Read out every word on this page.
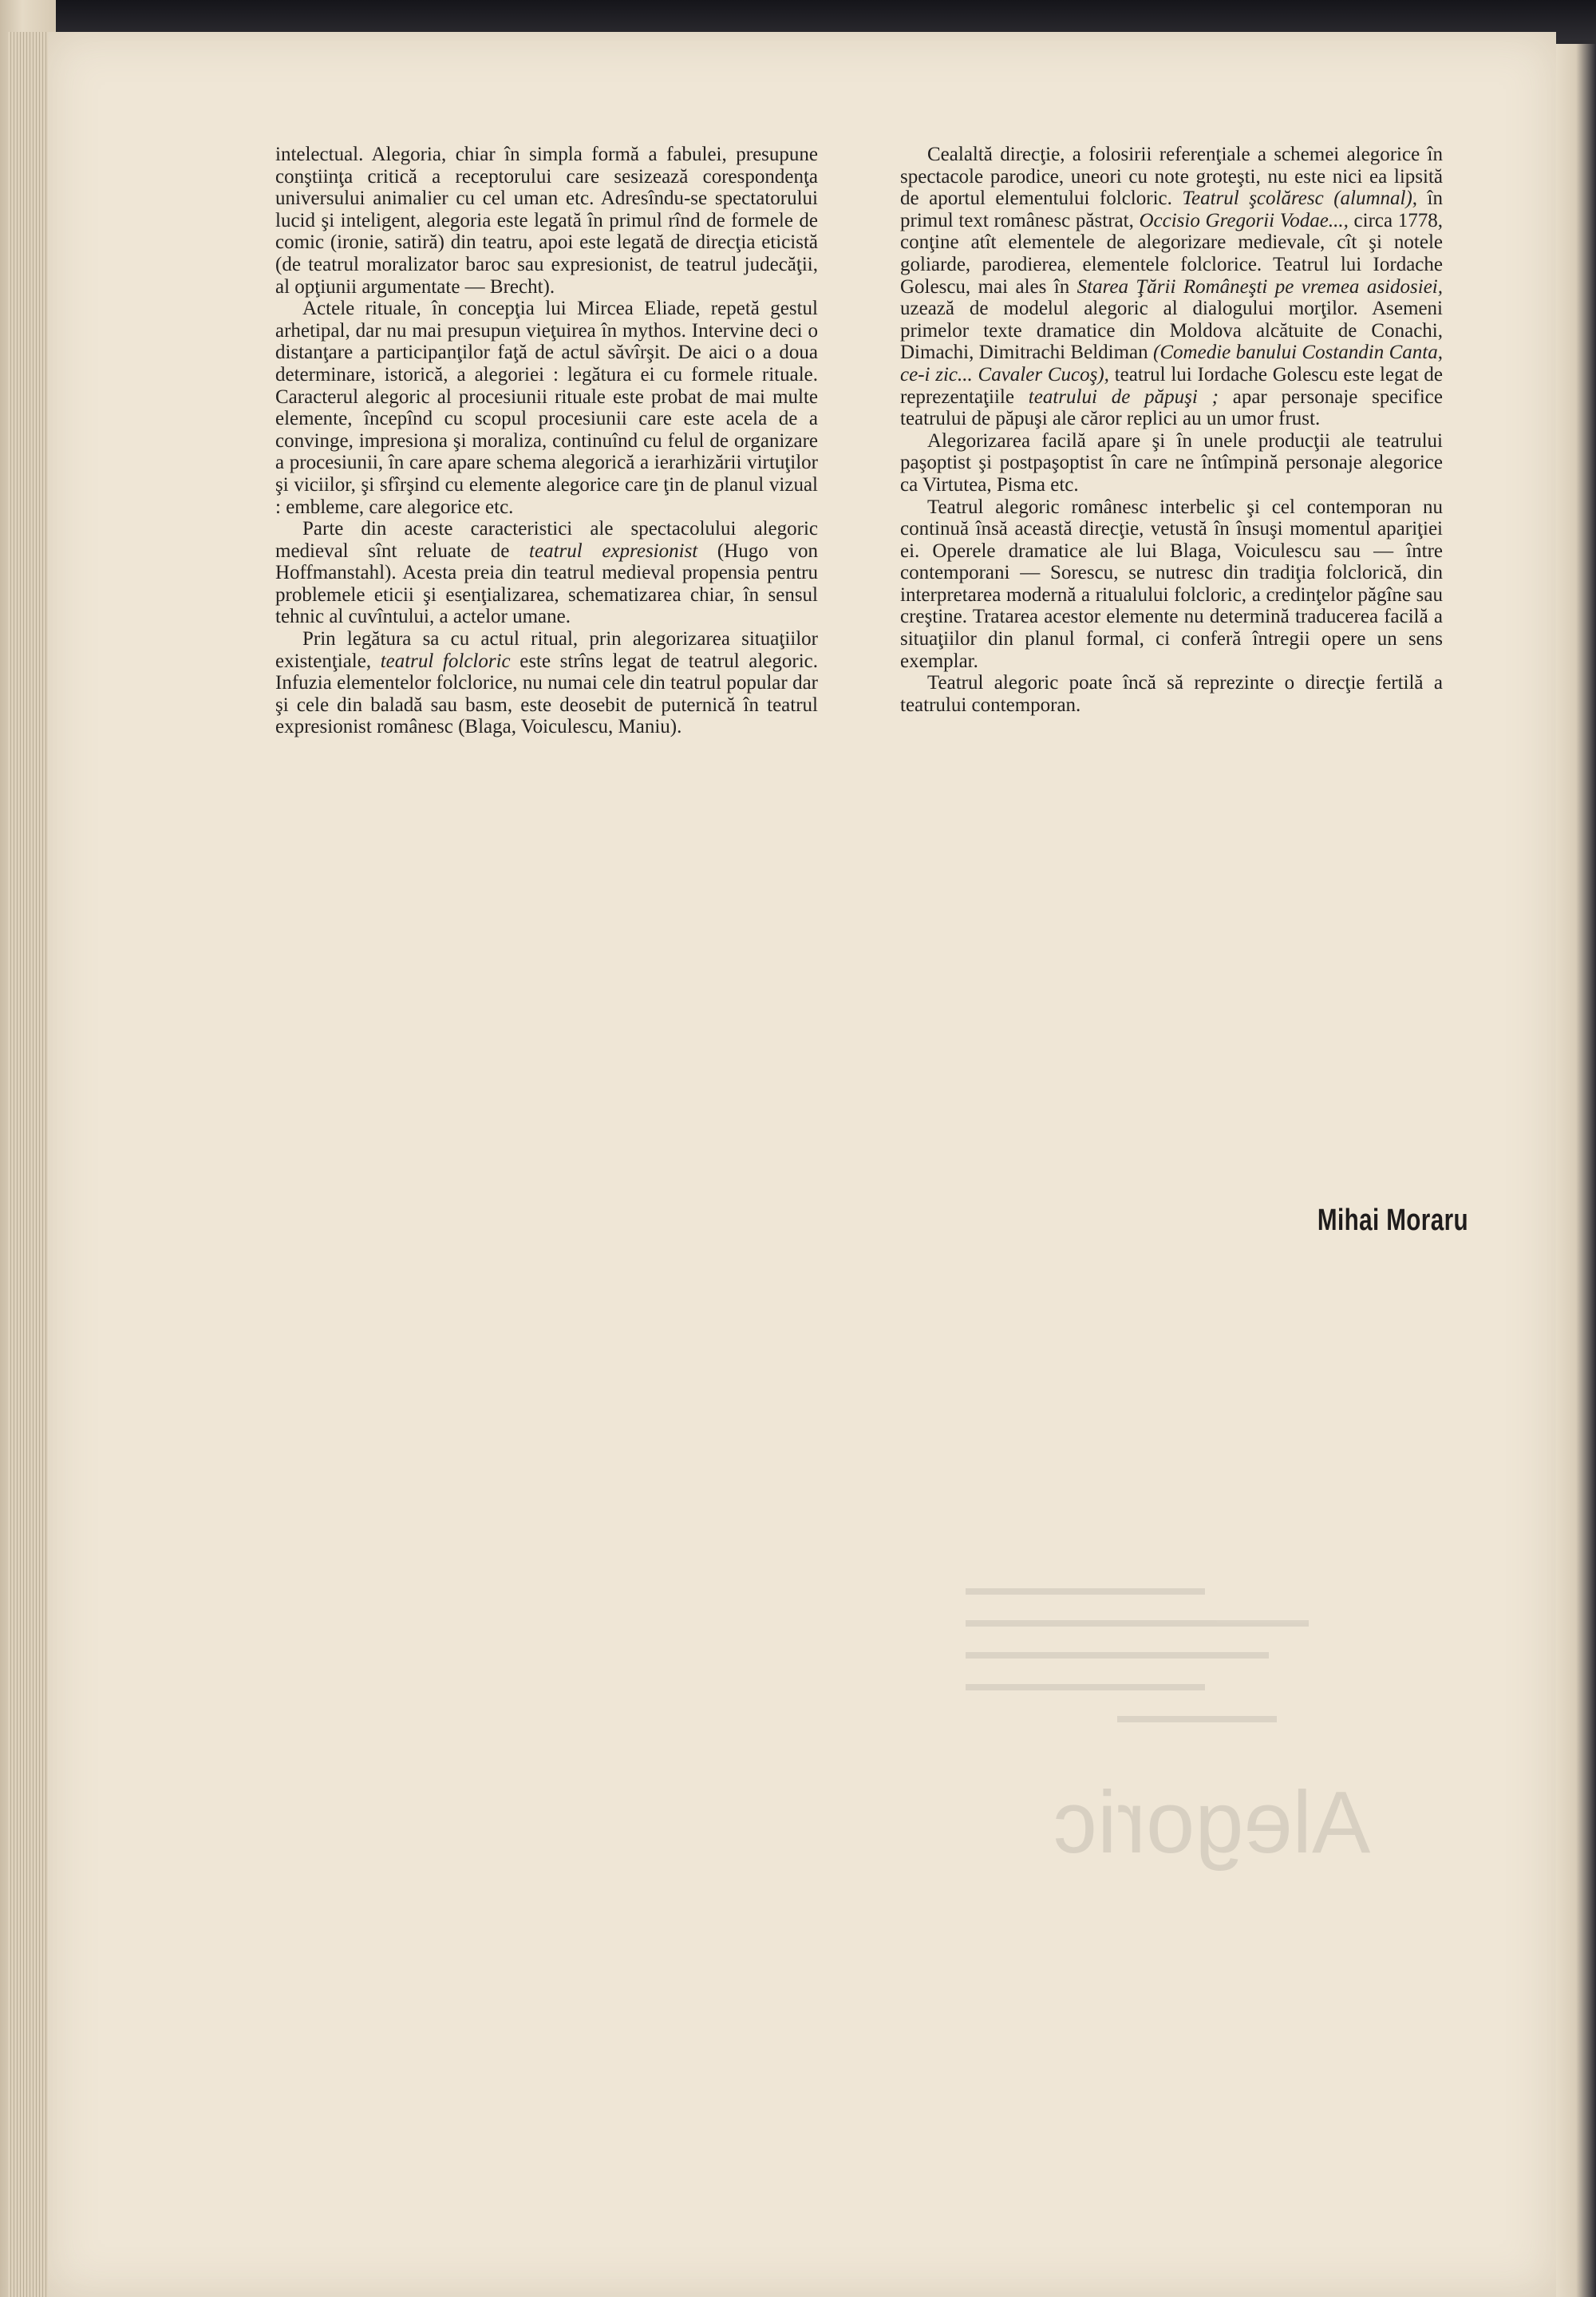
intelectual. Alegoria, chiar în simpla formă a fabulei, presupune conştiinţa critică a receptorului care sesizează corespondenţa universului animalier cu cel uman etc. Adresîndu-se spectatorului lucid şi inteligent, alegoria este legată în primul rînd de formele de comic (ironie, satiră) din teatru, apoi este legată de direcţia eticistă (de teatrul moralizator baroc sau expresionist, de teatrul judecăţii, al opţiunii argumentate — Brecht).

Actele rituale, în concepţia lui Mircea Eliade, repetă gestul arhetipal, dar nu mai presupun vieţuirea în mythos. Intervine deci o distanţare a participanţilor faţă de actul săvîrşit. De aici o a doua determinare, istorică, a alegoriei : legătura ei cu formele rituale. Caracterul alegoric al procesiunii rituale este probat de mai multe elemente, începînd cu scopul procesiunii care este acela de a convinge, impresiona şi moraliza, continuînd cu felul de organizare a procesiunii, în care apare schema alegorică a ierarhizării virtuţilor şi viciilor, şi sfîrşind cu elemente alegorice care ţin de planul vizual : embleme, care alegorice etc.

Parte din aceste caracteristici ale spectacolului alegoric medieval sînt reluate de teatrul expresionist (Hugo von Hoffmanstahl). Acesta preia din teatrul medieval propensia pentru problemele eticii şi esenţializarea, schematizarea chiar, în sensul tehnic al cuvîntului, a actelor umane.

Prin legătura sa cu actul ritual, prin alegorizarea situaţiilor existenţiale, teatrul folcloric este strîns legat de teatrul alegoric. Infuzia elementelor folclorice, nu numai cele din teatrul popular dar şi cele din baladă sau basm, este deosebit de puternică în teatrul expresionist românesc (Blaga, Voiculescu, Maniu).

Cealaltă direcţie, a folosirii referenţiale a schemei alegorice în spectacole parodice, uneori cu note groteşti, nu este nici ea lipsită de aportul elementului folcloric. Teatrul şcolăresc (alumnal), în primul text românesc păstrat, Occisio Gregorii Vodae..., circa 1778, conţine atît elementele de alegorizare medievale, cît şi notele goliarde, parodierea, elementele folclorice. Teatrul lui Iordache Golescu, mai ales în Starea Ţării Româneşti pe vremea asidosiei, uzează de modelul alegoric al dialogului morţilor. Asemeni primelor texte dramatice din Moldova alcătuite de Conachi, Dimachi, Dimitrachi Beldiman (Comedie banului Costandin Canta, ce-i zic... Cavaler Cucoş), teatrul lui Iordache Golescu este legat de reprezentaţiile teatrului de păpuşi ; apar personaje specifice teatrului de păpuşi ale căror replici au un umor frust.

Alegorizarea facilă apare şi în unele producţii ale teatrului paşoptist şi postpaşoptist în care ne întîmpină personaje alegorice ca Virtutea, Pisma etc.

Teatrul alegoric românesc interbelic şi cel contemporan nu continuă însă această direcţie, vetustă în însuşi momentul apariţiei ei. Operele dramatice ale lui Blaga, Voiculescu sau — între contemporani — Sorescu, se nutresc din tradiţia folclorică, din interpretarea modernă a ritualului folcloric, a credinţelor păgîne sau creştine. Tratarea acestor elemente nu determină traducerea facilă a situaţiilor din planul formal, ci conferă întregii opere un sens exemplar.

Teatrul alegoric poate încă să reprezinte o direcţie fertilă a teatrului contemporan.

Mihai Moraru
